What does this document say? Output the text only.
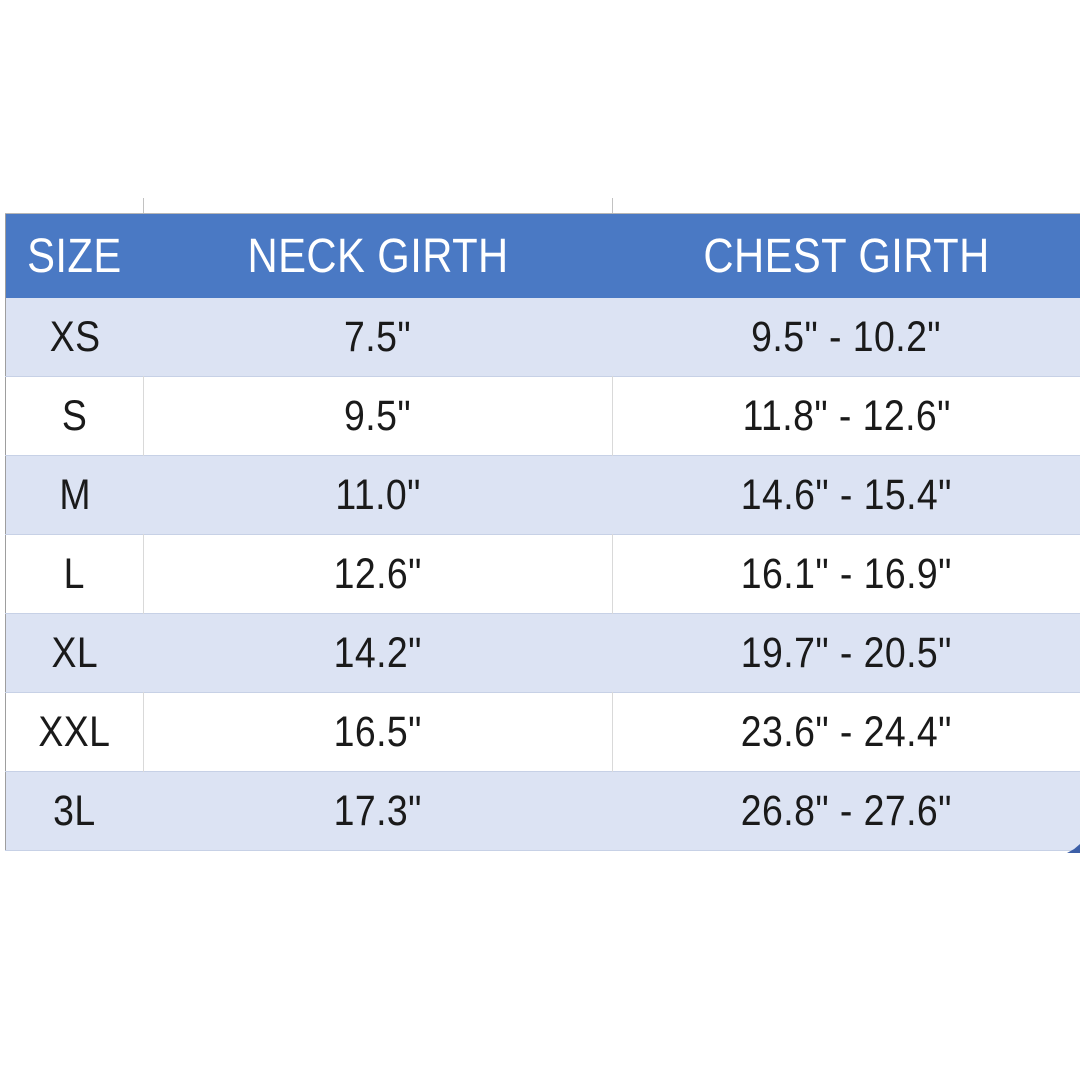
SIZE	NECK GIRTH	CHEST GIRTH
XS	7.5"	9.5" - 10.2"
S	9.5"	11.8" - 12.6"
M	11.0"	14.6" - 15.4"
L	12.6"	16.1" - 16.9"
XL	14.2"	19.7" - 20.5"
XXL	16.5"	23.6" - 24.4"
3L	17.3"	26.8" - 27.6"
